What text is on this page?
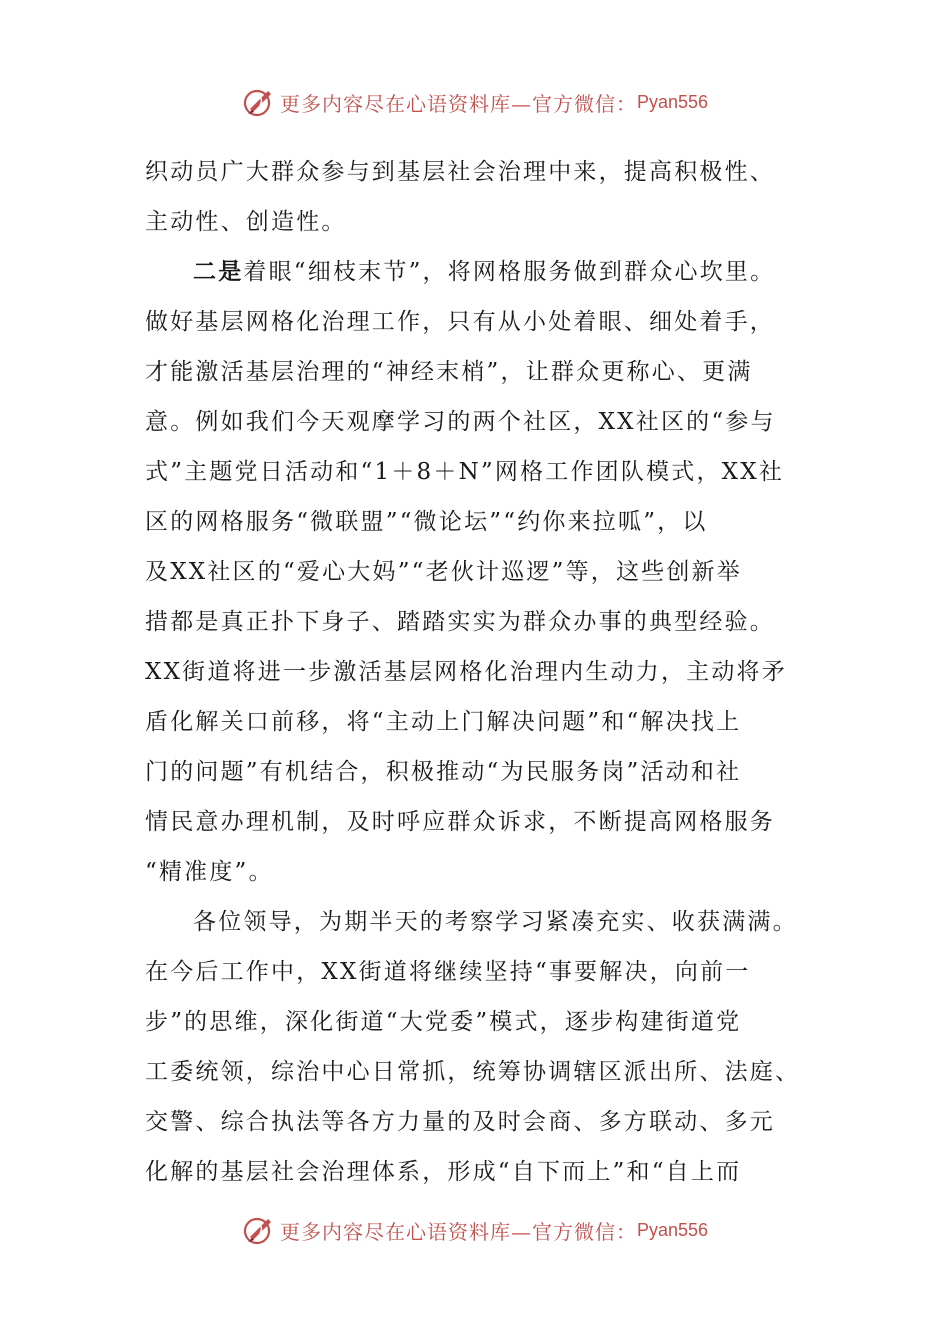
更多内容尽在心语资料库—官方微信： Pyan556
织动员广大群众参与到基层社会治理中来，提高积极性、
主动性、创造性。
二是着眼“细枝末节”，将网格服务做到群众心坎里。
做好基层网格化治理工作，只有从小处着眼、细处着手，
才能激活基层治理的“神经末梢”，让群众更称心、更满
意。例如我们今天观摩学习的两个社区，XX社区的“参与
式”主题党日活动和“1＋8＋N”网格工作团队模式，XX社
区的网格服务“微联盟”“微论坛”“约你来拉呱”，以
及XX社区的“爱心大妈”“老伙计巡逻”等，这些创新举
措都是真正扑下身子、踏踏实实为群众办事的典型经验。
XX街道将进一步激活基层网格化治理内生动力，主动将矛
盾化解关口前移，将“主动上门解决问题”和“解决找上
门的问题”有机结合，积极推动“为民服务岗”活动和社
情民意办理机制，及时呼应群众诉求，不断提高网格服务
“精准度”。
各位领导，为期半天的考察学习紧凑充实、收获满满。
在今后工作中，XX街道将继续坚持“事要解决，向前一
步”的思维，深化街道“大党委”模式，逐步构建街道党
工委统领，综治中心日常抓，统筹协调辖区派出所、法庭、
交警、综合执法等各方力量的及时会商、多方联动、多元
化解的基层社会治理体系，形成“自下而上”和“自上而
更多内容尽在心语资料库—官方微信： Pyan556
